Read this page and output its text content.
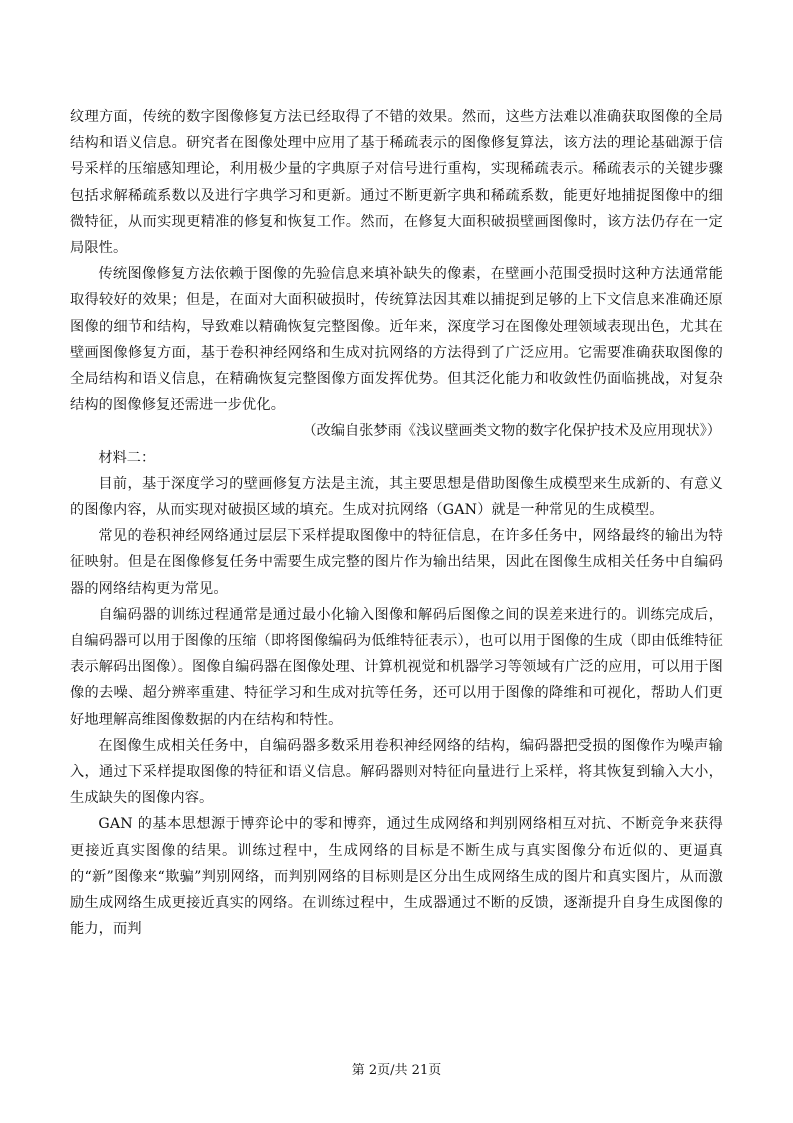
纹理方面，传统的数字图像修复方法已经取得了不错的效果。然而，这些方法难以准确获取图像的全局结构和语义信息。研究者在图像处理中应用了基于稀疏表示的图像修复算法，该方法的理论基础源于信号采样的压缩感知理论，利用极少量的字典原子对信号进行重构，实现稀疏表示。稀疏表示的关键步骤包括求解稀疏系数以及进行字典学习和更新。通过不断更新字典和稀疏系数，能更好地捕捉图像中的细微特征，从而实现更精准的修复和恢复工作。然而，在修复大面积破损壁画图像时，该方法仍存在一定局限性。

传统图像修复方法依赖于图像的先验信息来填补缺失的像素，在壁画小范围受损时这种方法通常能取得较好的效果；但是，在面对大面积破损时，传统算法因其难以捕捉到足够的上下文信息来准确还原图像的细节和结构，导致难以精确恢复完整图像。近年来，深度学习在图像处理领域表现出色，尤其在壁画图像修复方面，基于卷积神经网络和生成对抗网络的方法得到了广泛应用。它需要准确获取图像的全局结构和语义信息，在精确恢复完整图像方面发挥优势。但其泛化能力和收敛性仍面临挑战，对复杂结构的图像修复还需进一步优化。

（改编自张梦雨《浅议壁画类文物的数字化保护技术及应用现状》）

材料二：

目前，基于深度学习的壁画修复方法是主流，其主要思想是借助图像生成模型来生成新的、有意义的图像内容，从而实现对破损区域的填充。生成对抗网络（GAN）就是一种常见的生成模型。

常见的卷积神经网络通过层层下采样提取图像中的特征信息，在许多任务中，网络最终的输出为特征映射。但是在图像修复任务中需要生成完整的图片作为输出结果，因此在图像生成相关任务中自编码器的网络结构更为常见。

自编码器的训练过程通常是通过最小化输入图像和解码后图像之间的误差来进行的。训练完成后，自编码器可以用于图像的压缩（即将图像编码为低维特征表示），也可以用于图像的生成（即由低维特征表示解码出图像）。图像自编码器在图像处理、计算机视觉和机器学习等领域有广泛的应用，可以用于图像的去噪、超分辨率重建、特征学习和生成对抗等任务，还可以用于图像的降维和可视化，帮助人们更好地理解高维图像数据的内在结构和特性。

在图像生成相关任务中，自编码器多数采用卷积神经网络的结构，编码器把受损的图像作为噪声输入，通过下采样提取图像的特征和语义信息。解码器则对特征向量进行上采样，将其恢复到输入大小，生成缺失的图像内容。

GAN 的基本思想源于博弈论中的零和博弈，通过生成网络和判别网络相互对抗、不断竞争来获得更接近真实图像的结果。训练过程中，生成网络的目标是不断生成与真实图像分布近似的、更逼真的“新”图像来“欺骗”判别网络，而判别网络的目标则是区分出生成网络生成的图片和真实图片，从而激励生成网络生成更接近真实的网络。在训练过程中，生成器通过不断的反馈，逐渐提升自身生成图像的能力，而判

第 2页/共 21页
